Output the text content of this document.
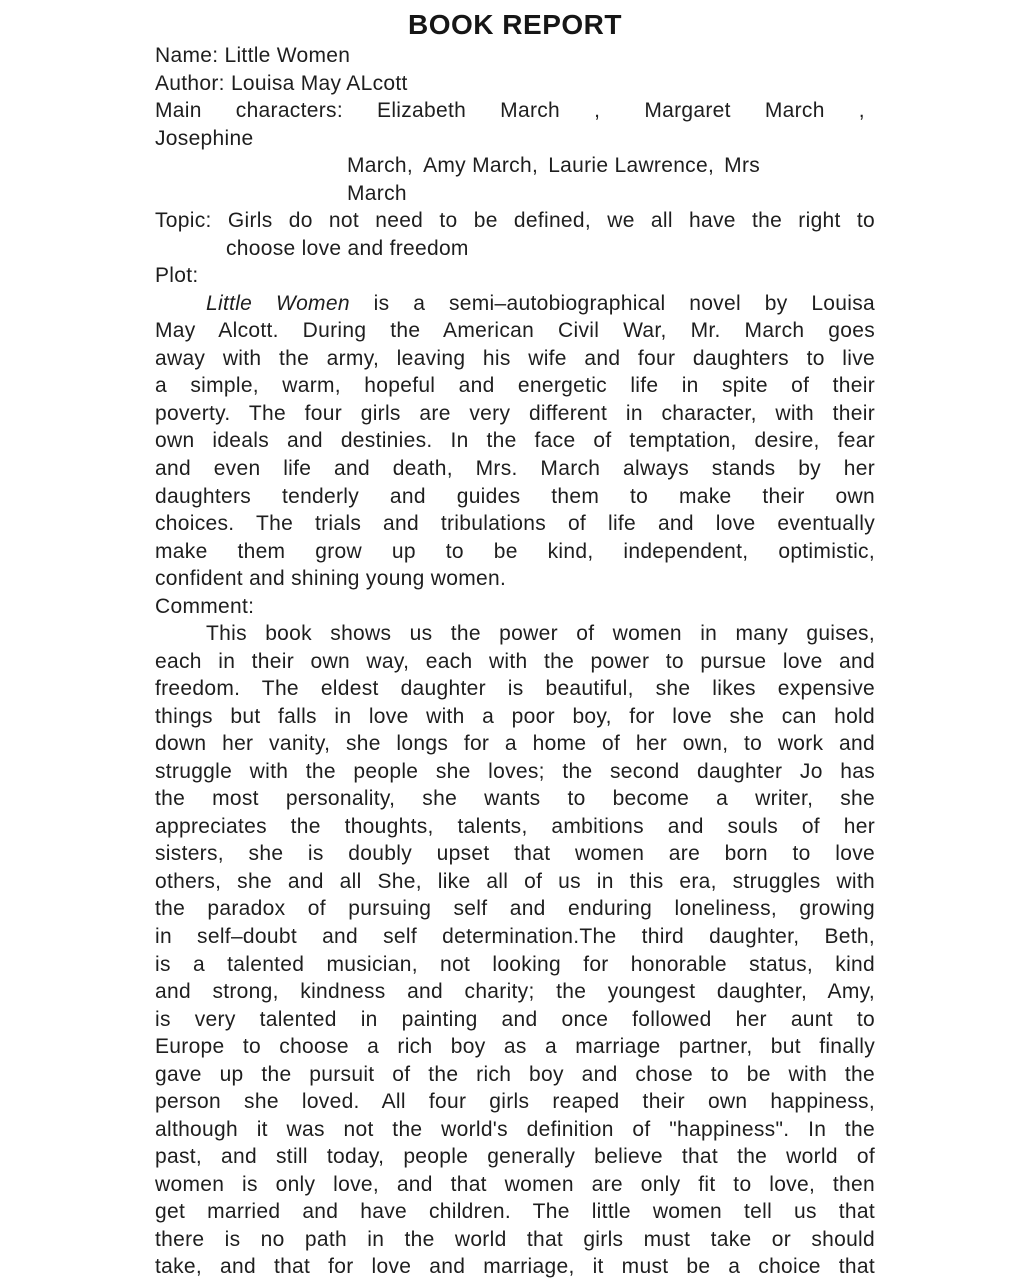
BOOK REPORT
Name: Little Women
Author: Louisa May ALcott
Main characters: Elizabeth March , Margaret March ,
Josephine
March, Amy March, Laurie Lawrence, Mrs
March
Topic: Girls do not need to be defined, we all have the right to
choose love and freedom
Plot:
Little Women is a semi–autobiographical novel by Louisa
May Alcott. During the American Civil War, Mr. March goes
away with the army, leaving his wife and four daughters to live
a simple, warm, hopeful and energetic life in spite of their
poverty. The four girls are very different in character, with their
own ideals and destinies. In the face of temptation, desire, fear
and even life and death, Mrs. March always stands by her
daughters tenderly and guides them to make their own
choices. The trials and tribulations of life and love eventually
make them grow up to be kind, independent, optimistic,
confident and shining young women.
Comment:
This book shows us the power of women in many guises,
each in their own way, each with the power to pursue love and
freedom. The eldest daughter is beautiful, she likes expensive
things but falls in love with a poor boy, for love she can hold
down her vanity, she longs for a home of her own, to work and
struggle with the people she loves; the second daughter Jo has
the most personality, she wants to become a writer, she
appreciates the thoughts, talents, ambitions and souls of her
sisters, she is doubly upset that women are born to love
others, she and all She, like all of us in this era, struggles with
the paradox of pursuing self and enduring loneliness, growing
in self–doubt and self determination.The third daughter, Beth,
is a talented musician, not looking for honorable status, kind
and strong, kindness and charity; the youngest daughter, Amy,
is very talented in painting and once followed her aunt to
Europe to choose a rich boy as a marriage partner, but finally
gave up the pursuit of the rich boy and chose to be with the
person she loved. All four girls reaped their own happiness,
although it was not the world's definition of "happiness". In the
past, and still today, people generally believe that the world of
women is only love, and that women are only fit to love, then
get married and have children. The little women tell us that
there is no path in the world that girls must take or should
take, and that for love and marriage, it must be a choice that
